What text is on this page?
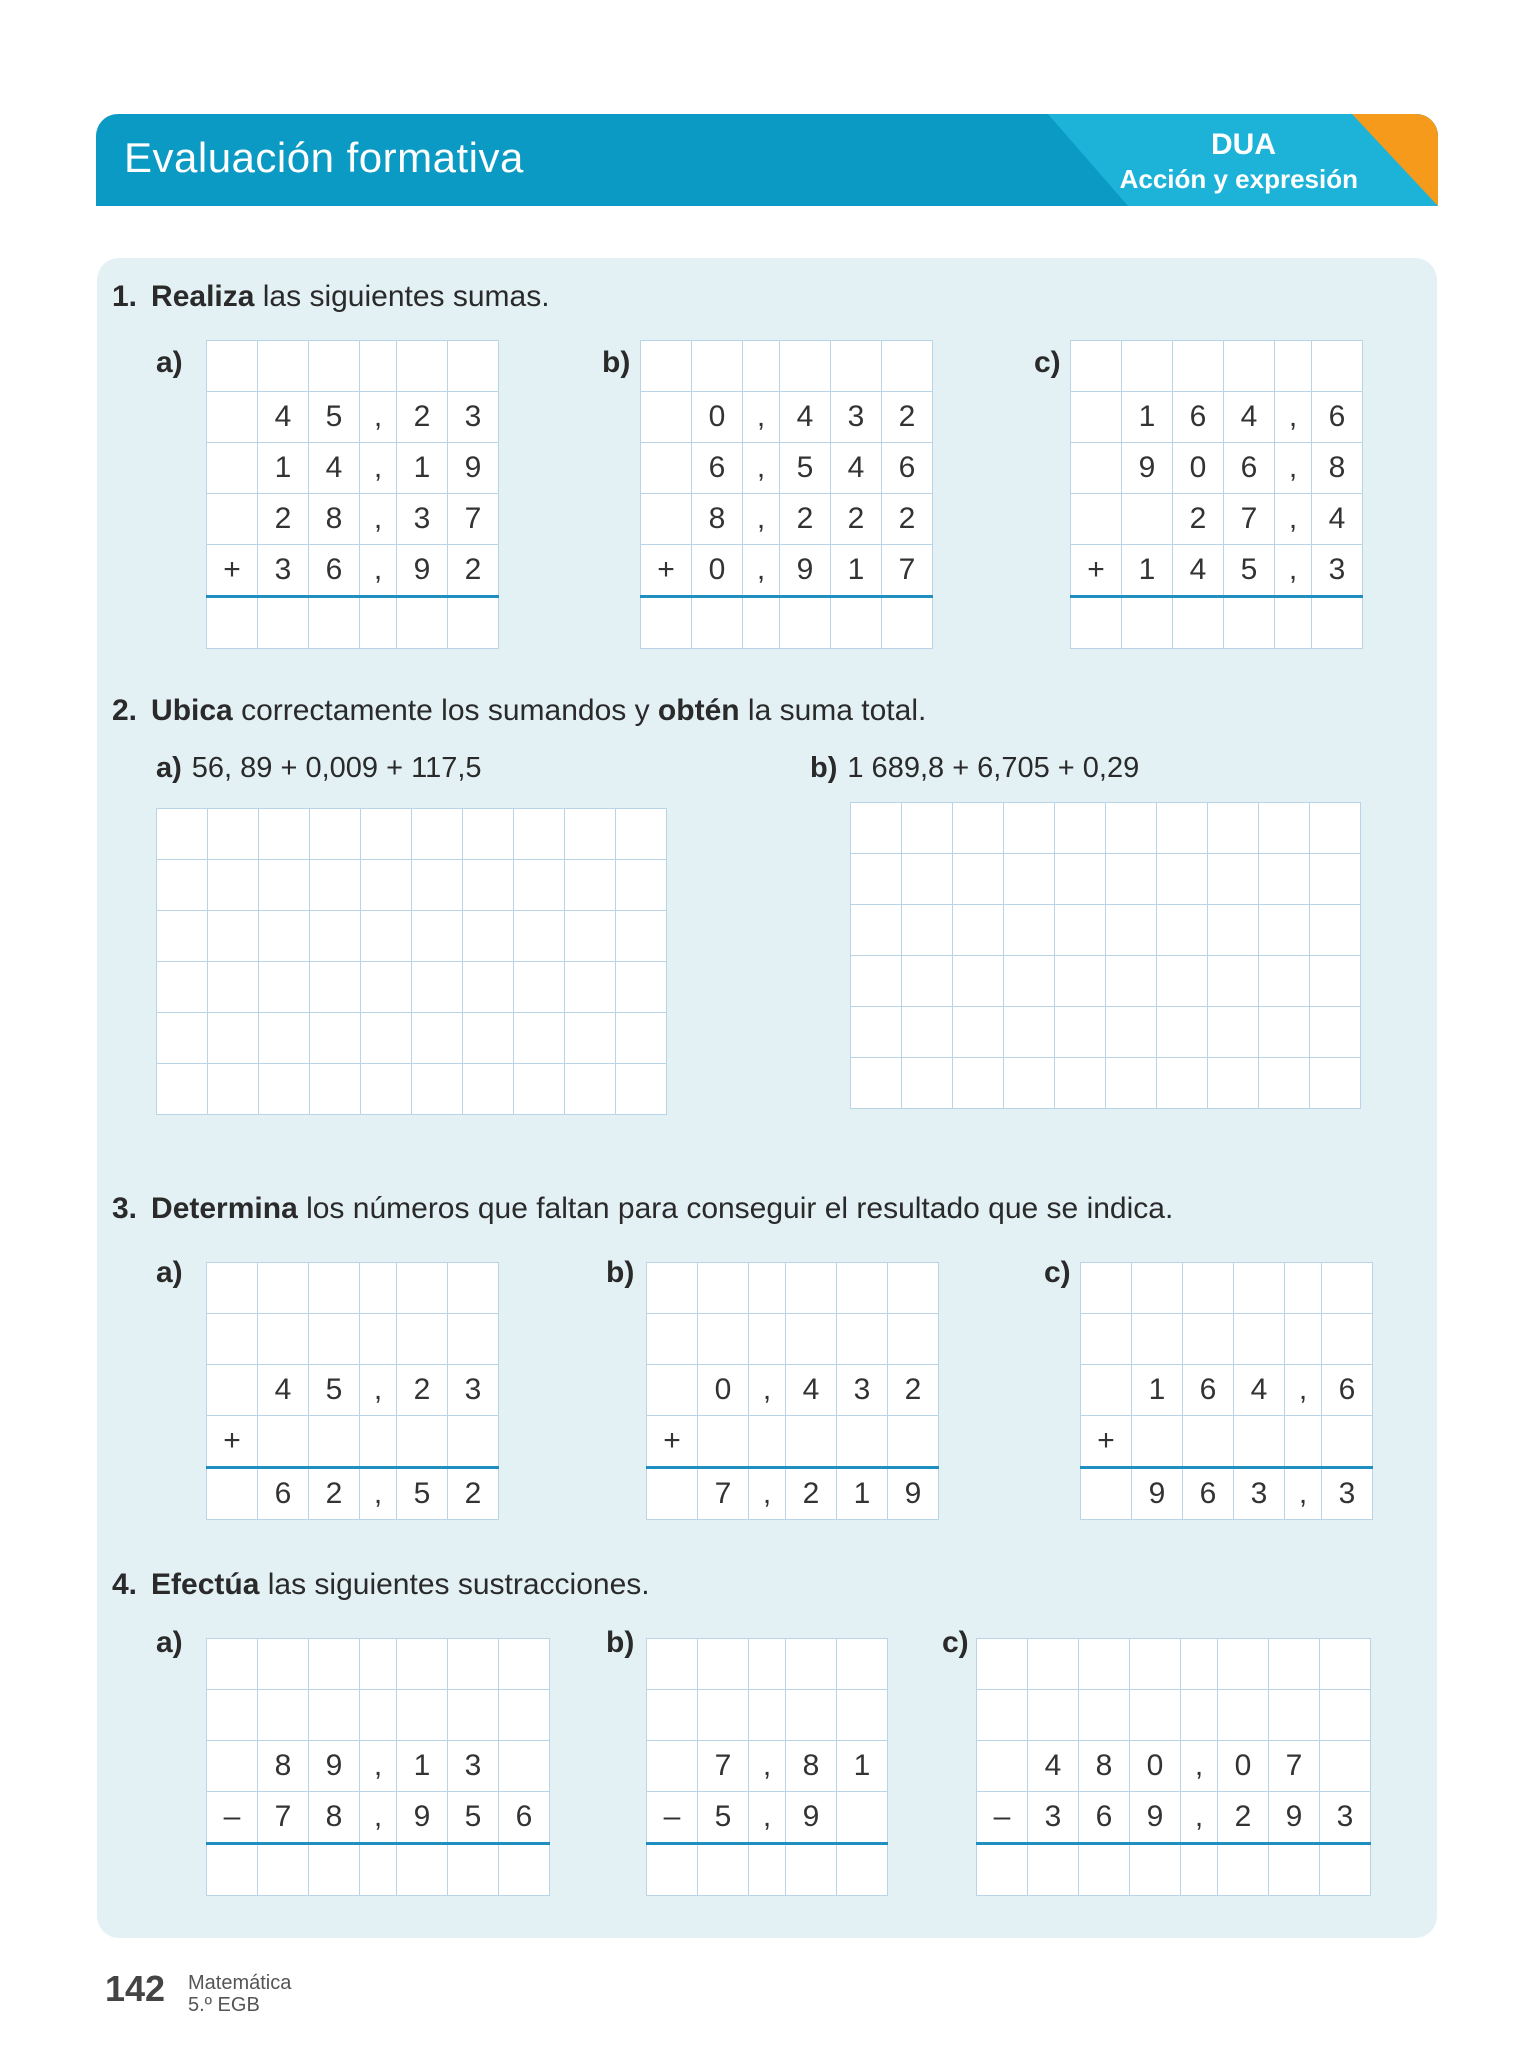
Evaluación formativa	DUA
Acción y expresión
1. Realiza las siguientes sumas.
a)	b)	c)

	4	5	,	2	3
	1	4	,	1	9
	2	8	,	3	7
+	3	6	,	9	2

	0	,	4	3	2
	6	,	5	4	6
	8	,	2	2	2
+	0	,	9	1	7

	1	6	4	,	6
	9	0	6	,	8
		2	7	,	4
+	1	4	5	,	3

2. Ubica correctamente los sumandos y obtén la suma total.
a) 56, 89 + 0,009 + 117,5	b) 1 689,8 + 6,705 + 0,29

3. Determina los números que faltan para conseguir el resultado que se indica.
a)	b)	c)

	4	5	,	2	3
+					
	6	2	,	5	2

	0	,	4	3	2
+					
	7	,	2	1	9

	1	6	4	,	6
+					
	9	6	3	,	3
4. Efectúa las siguientes sustracciones.
a)	b)	c)

	8	9	,	1	3	
–	7	8	,	9	5	6

	7	,	8	1
–	5	,	9	

	4	8	0	,	0	7	
–	3	6	9	,	2	9	3

142 Matemática
5.º EGB
